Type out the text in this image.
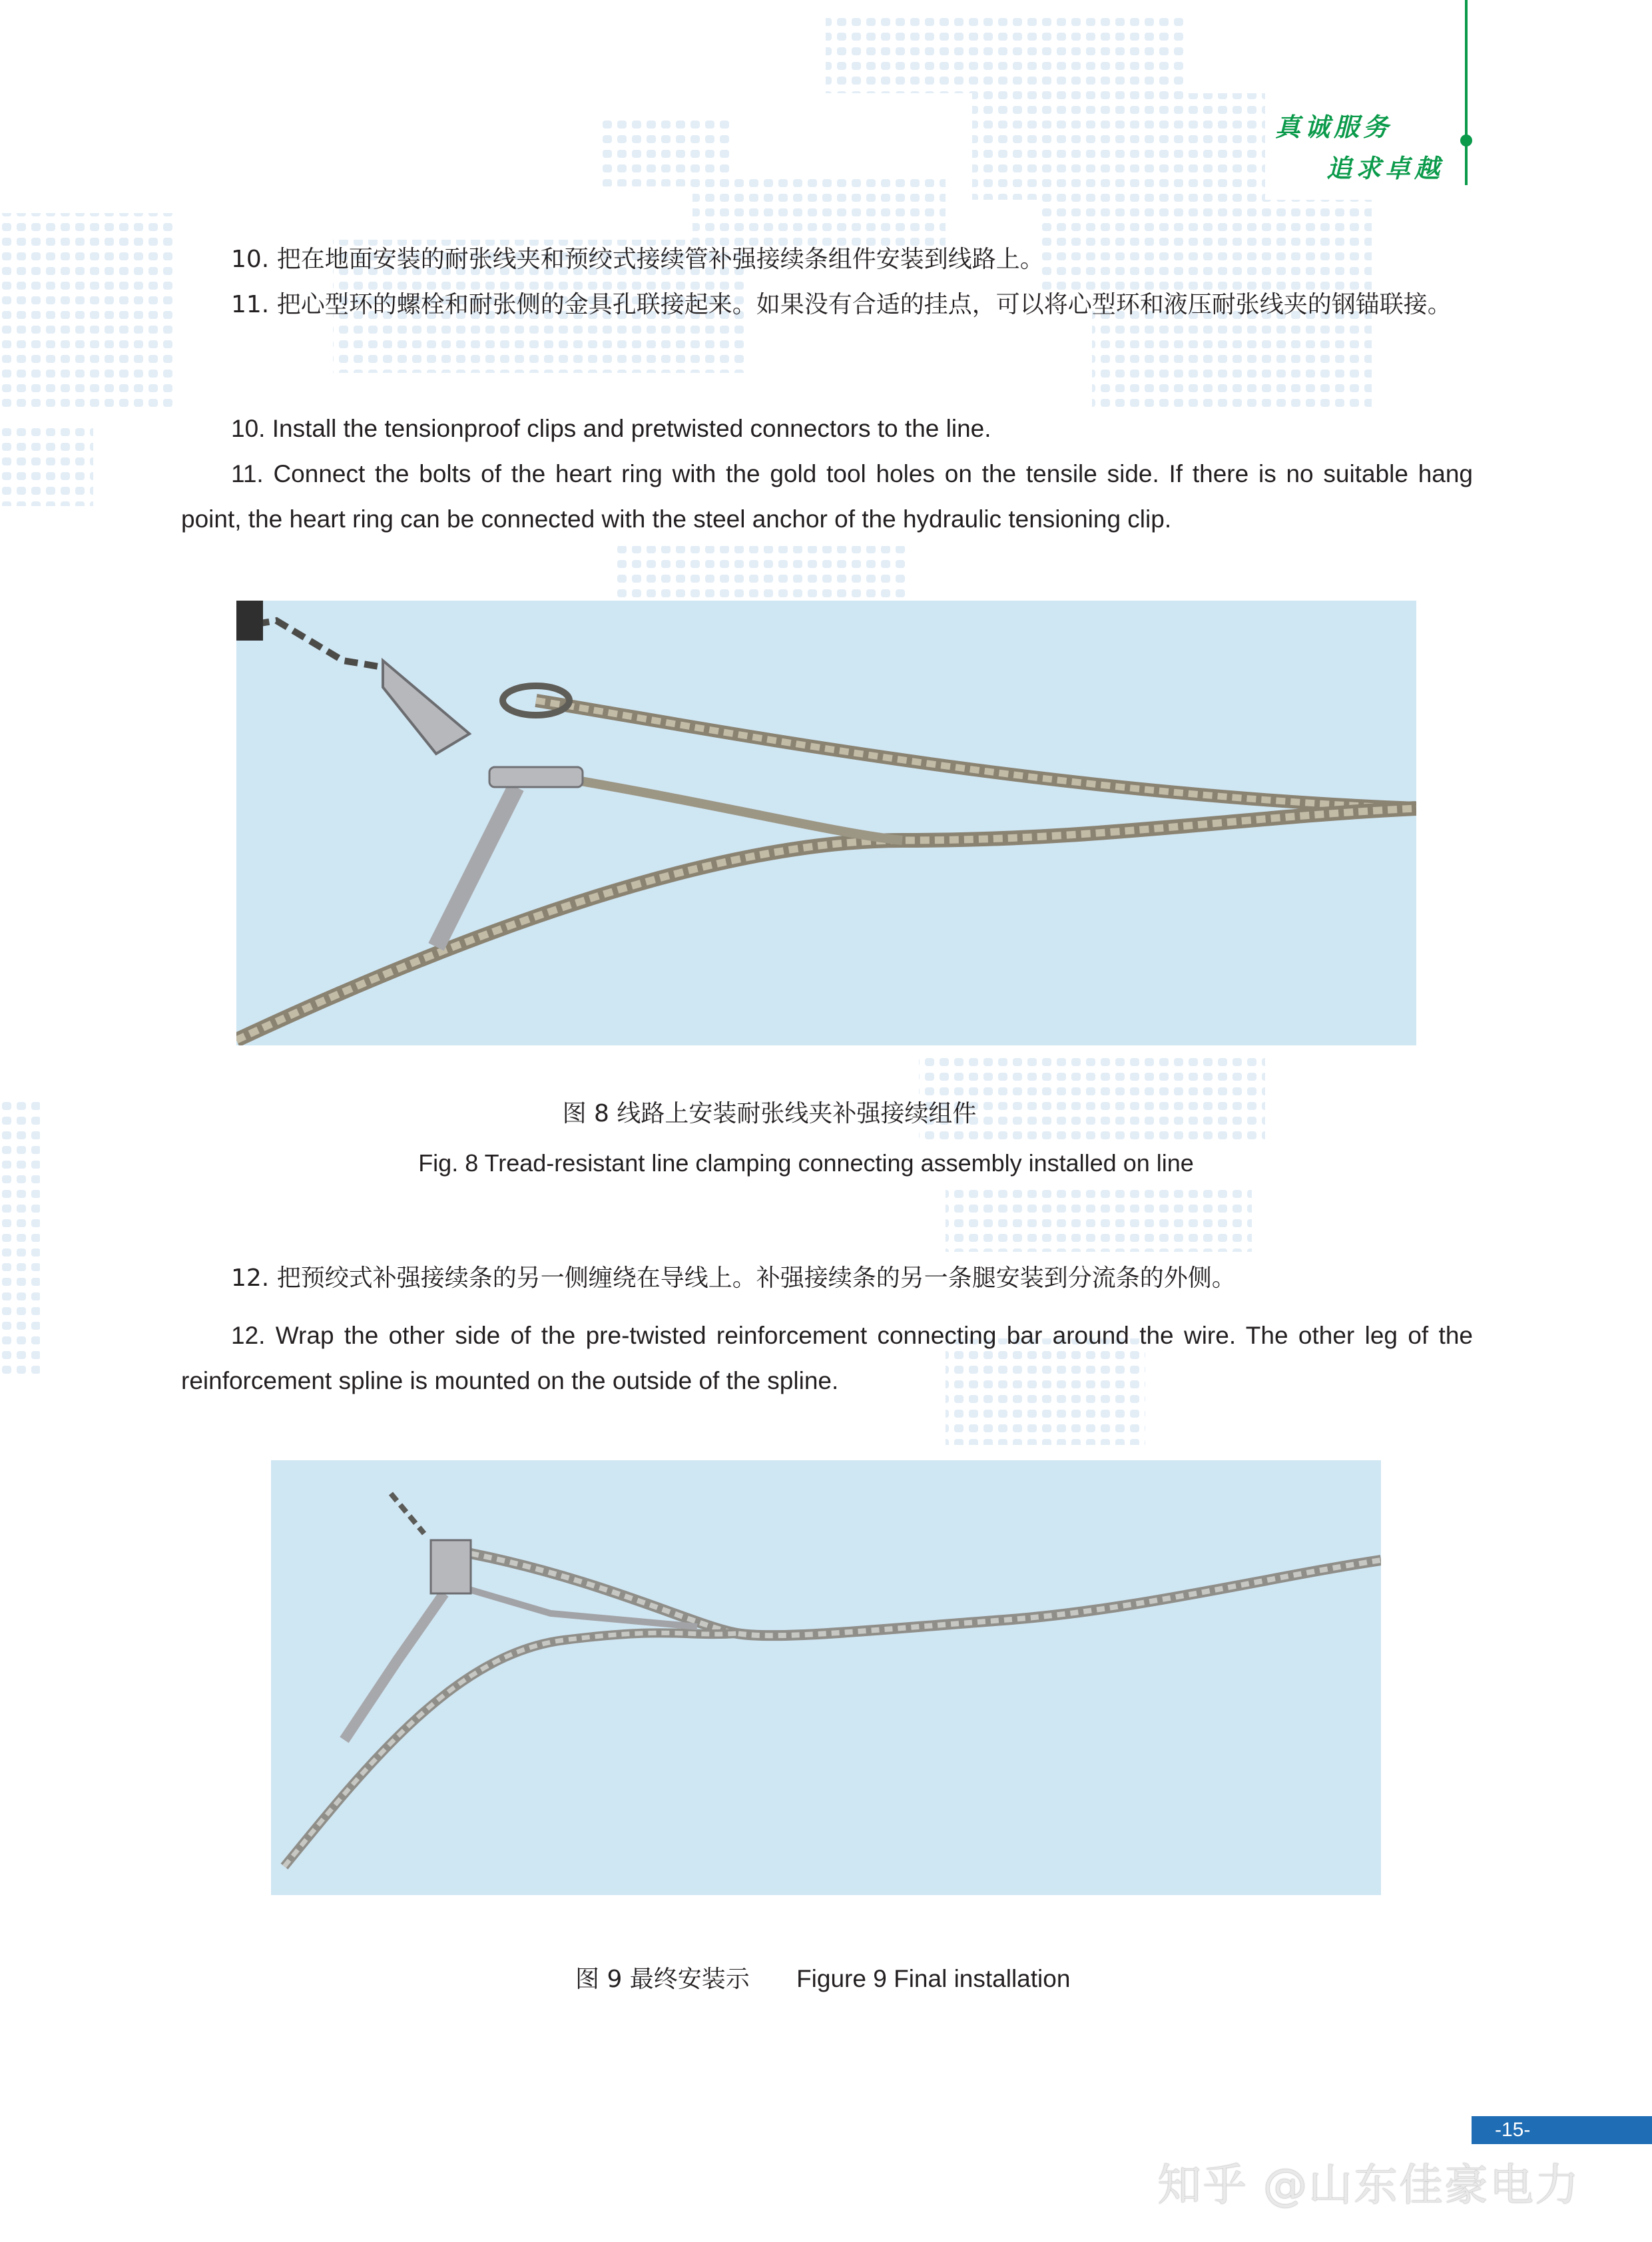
真诚服务
追求卓越
10. 把在地面安装的耐张线夹和预绞式接续管补强接续条组件安装到线路上。
11. 把心型环的螺栓和耐张侧的金具孔联接起来。如果没有合适的挂点，可以将心型环和液压耐张线夹的钢锚联接。
10. Install the tensionproof clips and pretwisted connectors to the line.
11. Connect the bolts of the heart ring with the gold tool holes on the tensile side. If there is no suitable hang point, the heart ring can be connected with the steel anchor of the hydraulic tensioning clip.
图 8 线路上安装耐张线夹补强接续组件
Fig. 8 Tread-resistant line clamping connecting assembly installed on line
12. 把预绞式补强接续条的另一侧缠绕在导线上。补强接续条的另一条腿安装到分流条的外侧。
12. Wrap the other side of the pre-twisted reinforcement connecting bar around the wire. The other leg of the reinforcement spline is mounted on the outside of the spline.
图 9 最终安装示 Figure 9 Final installation
-15-
知乎 @山东佳豪电力
